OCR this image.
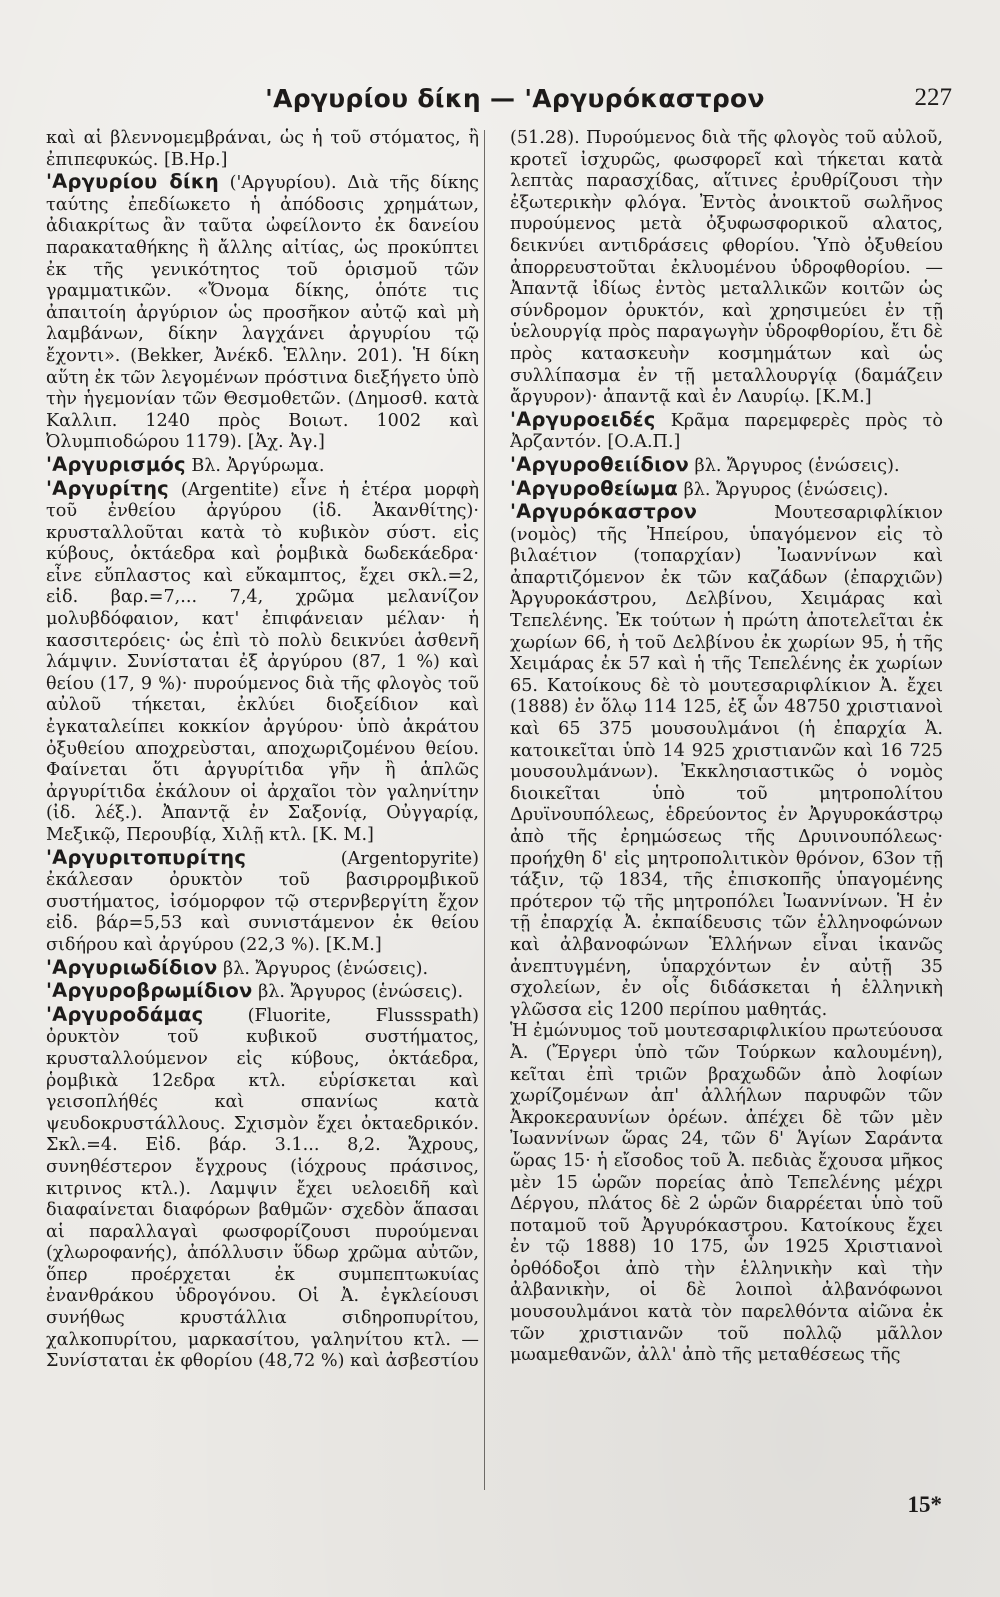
'Αργυρίου δίκη — 'Αργυρόκαστρον	227

καὶ αἱ βλεννομεμβράναι, ὡς ἡ τοῦ στόματος, ἢ ἐπιπεφυκώς. [Β.Ηρ.]

'Αργυρίου δίκη ('Αργυρίου). Διὰ τῆς δίκης ταύτης ἐπεδίωκετο ἡ ἀπόδοσις χρημάτων, ἀδιακρίτως ἂν ταῦτα ὠφείλοντο ἐκ δανείου παρακαταθήκης ἢ ἄλλης αἰτίας, ὡς προκύπτει ἐκ τῆς γενικότητος τοῦ ὁρισμοῦ τῶν γραμματικῶν. «Ὄνομα δίκης, ὁπότε τις ἀπαιτοίη ἀργύριον ὡς προσῆκον αὐτῷ καὶ μὴ λαμβάνων, δίκην λαγχάνει ἀργυρίου τῷ ἔχοντι». (Bekker, Ἀνέκδ. Ἑλλην. 201). Ἡ δίκη αὕτη ἐκ τῶν λεγομένων πρόστινα διεξήγετο ὑπὸ τὴν ἡγεμονίαν τῶν Θεσμοθετῶν. (Δημοσθ. κατὰ Καλλιπ. 1240 πρὸς Βοιωτ. 1002 καὶ Ὀλυμπιοδώρου 1179). [Ἀχ. Ἀγ.]

'Αργυρισμός Βλ. Ἀργύρωμα.

'Αργυρίτης (Argentite) εἶνε ἡ ἑτέρα μορφὴ τοῦ ἐνθείου ἀργύρου (ἰδ. Ἀκανθίτης)· κρυσταλλοῦται κατὰ τὸ κυβικὸν σύστ. εἰς κύβους, ὀκτάεδρα καὶ ῥομβικὰ δωδεκάεδρα· εἶνε εὔπλαστος καὶ εὔκαμπτος, ἔχει σκλ.=2, εἰδ. βαρ.=7,... 7,4, χρῶμα μελανίζον μολυβδόφαιον, κατ' ἐπιφάνειαν μέλαν· ἡ κασσιτερόεις· ὡς ἐπὶ τὸ πολὺ δεικνύει ἀσθενῆ λάμψιν. Συνίσταται ἐξ ἀργύρου (87, 1 %) καὶ θείου (17, 9 %)· πυρούμενος διὰ τῆς φλογὸς τοῦ αὐλοῦ τήκεται, ἐκλύει διοξείδιον καὶ ἐγκαταλείπει κοκκίον ἀργύρου· ὑπὸ ἀκράτου ὀξυθείου αποχρεὺσται, αποχωριζομένου θείου. Φαίνεται ὅτι ἀργυρίτιδα γῆν ἢ ἁπλῶς ἀργυρίτιδα ἐκάλουν οἱ ἀρχαῖοι τὸν γαληνίτην (ἰδ. λέξ.). Ἀπαντᾷ ἐν Σαξονίᾳ, Οὐγγαρίᾳ, Μεξικῷ, Περουβίᾳ, Χιλῇ κτλ. [Κ. Μ.]

'Αργυριτοπυρίτης	(Argentopyrite) ἐκάλεσαν ὀρυκτὸν τοῦ βασιρρομβικοῦ συστήματος, ἰσόμορφον τῷ στερνβεργίτη ἔχον εἰδ. βάρ=5,53 καὶ συνιστάμενον ἐκ θείου σιδήρου καὶ ἀργύρου (22,3 %). [Κ.Μ.]

'Αργυριωδίδιον βλ. Ἄργυρος (ἑνώσεις).

'Αργυροβρωμίδιον βλ. Ἄργυρος (ἑνώσεις).

'Αργυροδάμας	(Fluorite, Flussspath) ὀρυκτὸν τοῦ κυβικοῦ συστήματος, κρυσταλλούμενον εἰς κύβους, ὀκτάεδρα, ῥομβικὰ 12εδρα κτλ. εὑρίσκεται καὶ γεισοπλήθές καὶ σπανίως κατὰ ψευδοκρυστάλλους. Σχισμὸν ἔχει ὀκταεδρικόν. Σκλ.=4. Εἰδ. βάρ. 3.1... 8,2. Ἄχρους, συνηθέστερον ἔγχρους (ἰόχρους πράσινος, κιτρινος κτλ.). Λαμψιν ἔχει υελοειδῆ καὶ διαφαίνεται διαφόρων βαθμῶν· σχεδὸν ἅπασαι αἱ παραλλαγαὶ φωσφορίζουσι πυρούμεναι (χλωροφανής), ἀπόλλυσιν ὕδωρ χρῶμα αὐτῶν, ὅπερ προέρχεται ἐκ συμπεπτωκυίας ἐνανθράκου ὑδρογόνου. Οἱ Ἀ. ἐγκλείουσι συνήθως κρυστάλλια σιδηροπυρίτου, χαλκοπυρίτου, μαρκασίτου, γαληνίτου κτλ. — Συνίσταται ἐκ φθορίου (48,72 %) καὶ ἀσβεστίου

(51.28). Πυρούμενος διὰ τῆς φλογὸς τοῦ αὐλοῦ, κροτεῖ ἰσχυρῶς, φωσφορεῖ καὶ τήκεται κατὰ λεπτὰς παρασχίδας, αἵτινες ἐρυθρίζουσι τὴν ἐξωτερικὴν φλόγα. Ἐντὸς ἀνοικτοῦ σωλῆνος πυρούμενος μετὰ ὀξυφωσφορικοῦ αλατος, δεικνύει αντιδράσεις φθορίου. Ὑπὸ ὀξυθείου ἀπορρευστοῦται ἐκλυομένου ὑδροφθορίου. — Ἀπαντᾷ ἰδίως ἐντὸς μεταλλικῶν κοιτῶν ὡς σύνδρομον ὀρυκτόν, καὶ χρησιμεύει ἐν τῇ ὑελουργίᾳ πρὸς παραγωγὴν ὑδροφθορίου, ἔτι δὲ πρὸς κατασκευὴν κοσμημάτων καὶ ὡς συλλίπασμα ἐν τῇ μεταλλουργίᾳ (δαμάζειν ἄργυρον)· ἀπαντᾷ καὶ ἐν Λαυρίῳ. [Κ.Μ.]

'Αργυροειδές Κρᾶμα παρεμφερὲς πρὸς τὸ Ἀρζαντόν. [Ο.Α.Π.]

'Αργυροθειίδιον βλ. Ἄργυρος (ἑνώσεις).

'Αργυροθείωμα βλ. Ἄργυρος (ἑνώσεις).

'Αργυρόκαστρον	Μουτεσαριφλίκιον (νομὸς) τῆς Ἠπείρου, ὑπαγόμενον εἰς τὸ βιλαέτιον (τοπαρχίαν) Ἰωαννίνων καὶ ἀπαρτιζόμενον ἐκ τῶν καζάδων (ἐπαρχιῶν) Ἀργυροκάστρου, Δελβίνου, Χειμάρας καὶ Τεπελένης. Ἐκ τούτων ἡ πρώτη ἀποτελεῖται ἐκ χωρίων 66, ἡ τοῦ Δελβίνου ἐκ χωρίων 95, ἡ τῆς Χειμάρας ἐκ 57 καὶ ἡ τῆς Τεπελένης ἐκ χωρίων 65. Κατοίκους δὲ τὸ μουτεσαριφλίκιον Ἀ. ἔχει (1888) ἐν ὅλῳ 114 125, ἐξ ὧν 48750 χριστιανοὶ καὶ 65 375 μουσουλμάνοι (ἡ ἐπαρχία Ἀ. κατοικεῖται ὑπὸ 14 925 χριστιανῶν καὶ 16 725 μουσουλμάνων). Ἐκκλησιαστικῶς ὁ νομὸς διοικεῖται ὑπὸ τοῦ μητροπολίτου Δρυϊνουπόλεως, ἑδρεύοντος ἐν Ἀργυροκάστρῳ ἀπὸ τῆς ἐρημώσεως τῆς Δρυινουπόλεως· προήχθη δ' εἰς μητροπολιτικὸν θρόνον, 63ον τῇ τάξιν, τῷ 1834, τῆς ἐπισκοπῆς ὑπαγομένης πρότερον τῷ τῆς μητροπόλει Ἰωαννίνων. Ἡ ἐν τῇ ἐπαρχίᾳ Ἀ. ἐκπαίδευσις τῶν ἑλληνοφώνων καὶ ἀλβανοφώνων Ἑλλήνων εἶναι ἱκανῶς ἀνεπτυγμένη, ὑπαρχόντων ἐν αὐτῇ 35 σχολείων, ἐν οἷς διδάσκεται ἡ ἑλληνικὴ γλῶσσα εἰς 1200 περίπου μαθητάς.

Ἡ ἐμώνυμος τοῦ μουτεσαριφλικίου πρωτεύουσα Ἀ. (Ἔργερι ὑπὸ τῶν Τούρκων καλουμένη), κεῖται ἐπὶ τριῶν βραχωδῶν ἀπὸ λοφίων χωρίζομένων ἀπ' ἀλλήλων παρυφῶν τῶν Ἀκροκεραυνίων ὀρέων. ἀπέχει δὲ τῶν μὲν Ἰωαννίνων ὥρας 24, τῶν δ' Ἁγίων Σαράντα ὥρας 15· ἡ εἴσοδος τοῦ Ἀ. πεδιὰς ἔχουσα μῆκος μὲν 15 ὡρῶν πορείας ἀπὸ Τεπελένης μέχρι Δέργου, πλάτος δὲ 2 ὡρῶν διαρρέεται ὑπὸ τοῦ ποταμοῦ τοῦ Ἀργυρόκαστρου. Κατοίκους ἔχει ἐν τῷ 1888) 10 175, ὧν 1925 Χριστιανοὶ ὀρθόδοξοι ἀπὸ τὴν ἑλληνικὴν καὶ τὴν ἀλβανικὴν, οἱ δὲ λοιποὶ ἀλβανόφωνοι μουσουλμάνοι κατὰ τὸν παρελθόντα αἰῶνα ἐκ τῶν χριστιανῶν τοῦ πολλῷ μᾶλλον μωαμεθανῶν, ἀλλ' ἀπὸ τῆς μεταθέσεως τῆς

15*
